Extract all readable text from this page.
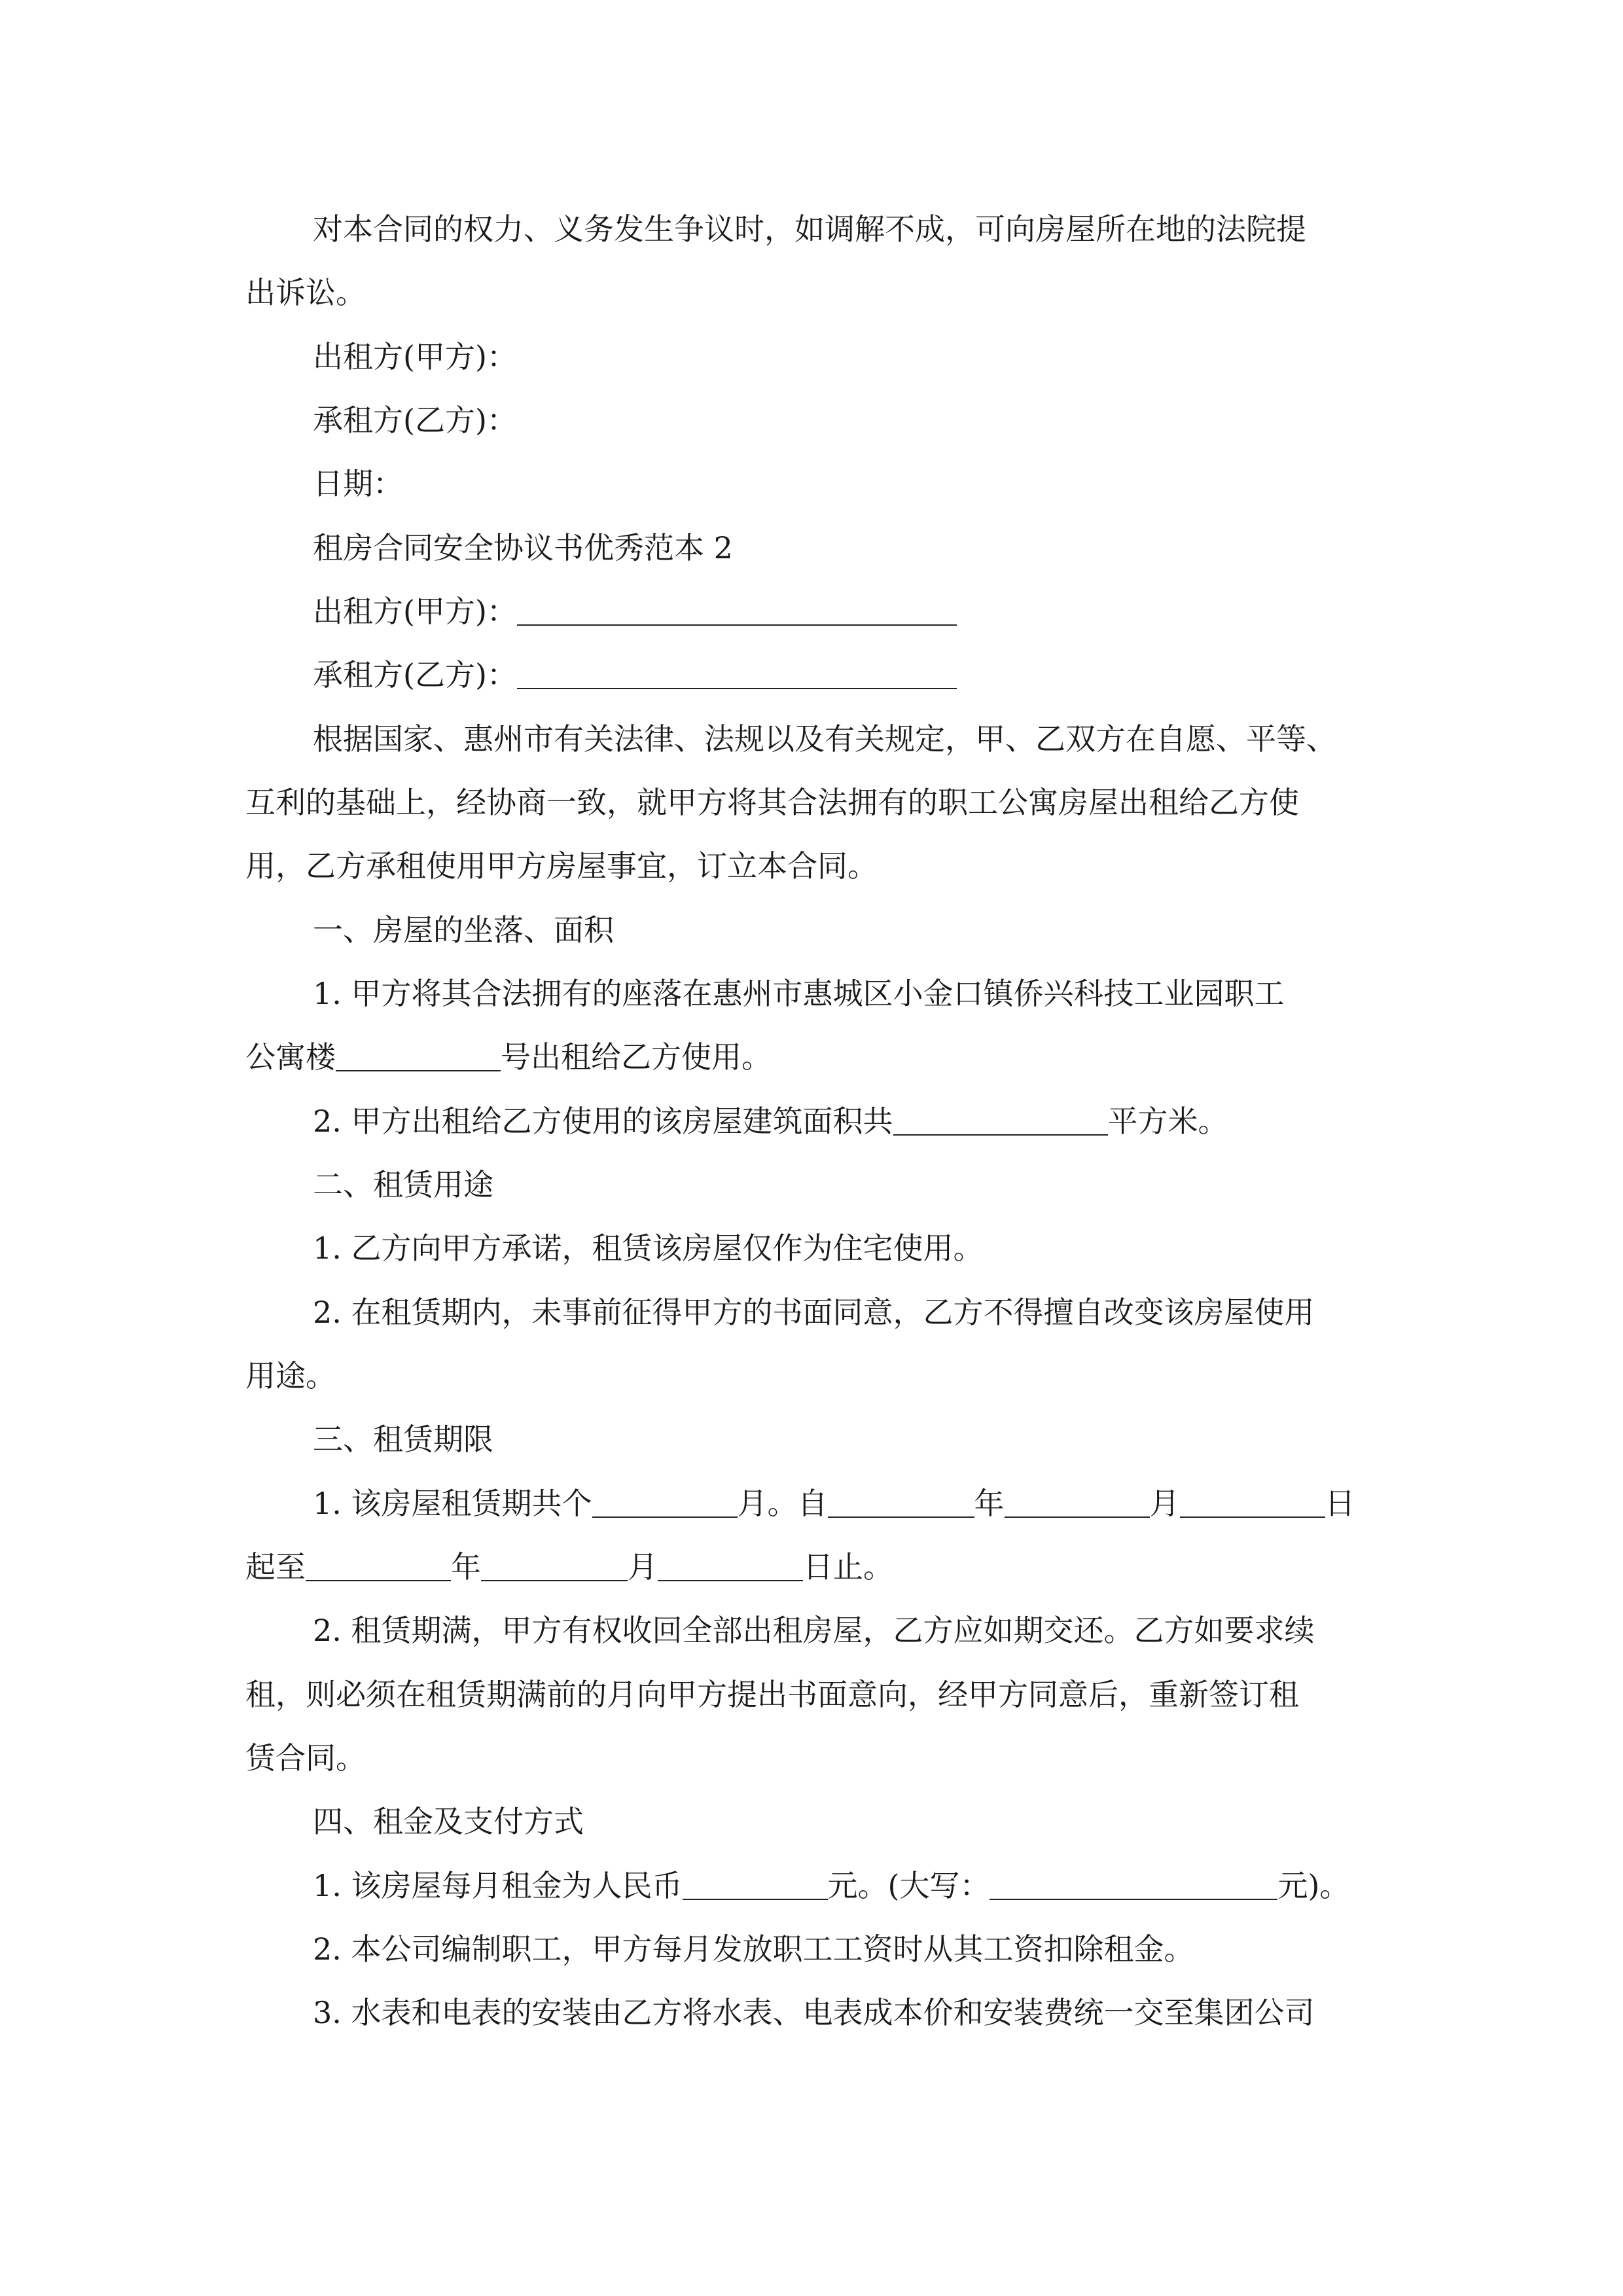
对本合同的权力、义务发生争议时，如调解不成，可向房屋所在地的法院提
出诉讼。
出租方(甲方)：
承租方(乙方)：
日期：
租房合同安全协议书优秀范本 2
出租方(甲方)：
承租方(乙方)：
根据国家、惠州市有关法律、法规以及有关规定，甲、乙双方在自愿、平等、
互利的基础上，经协商一致，就甲方将其合法拥有的职工公寓房屋出租给乙方使
用，乙方承租使用甲方房屋事宜，订立本合同。
一、房屋的坐落、面积
1. 甲方将其合法拥有的座落在惠州市惠城区小金口镇侨兴科技工业园职工
公寓楼	号出租给乙方使用。
2. 甲方出租给乙方使用的该房屋建筑面积共	平方米。
二、租赁用途
1. 乙方向甲方承诺，租赁该房屋仅作为住宅使用。
2. 在租赁期内，未事前征得甲方的书面同意，乙方不得擅自改变该房屋使用
用途。
三、租赁期限
1. 该房屋租赁期共个	月。自	年	月	日
起至	年	月	日止。
2. 租赁期满，甲方有权收回全部出租房屋，乙方应如期交还。乙方如要求续
租，则必须在租赁期满前的月向甲方提出书面意向，经甲方同意后，重新签订租
赁合同。
四、租金及支付方式
1. 该房屋每月租金为人民币	元。(大写：	元)。
2. 本公司编制职工，甲方每月发放职工工资时从其工资扣除租金。
3. 水表和电表的安装由乙方将水表、电表成本价和安装费统一交至集团公司
